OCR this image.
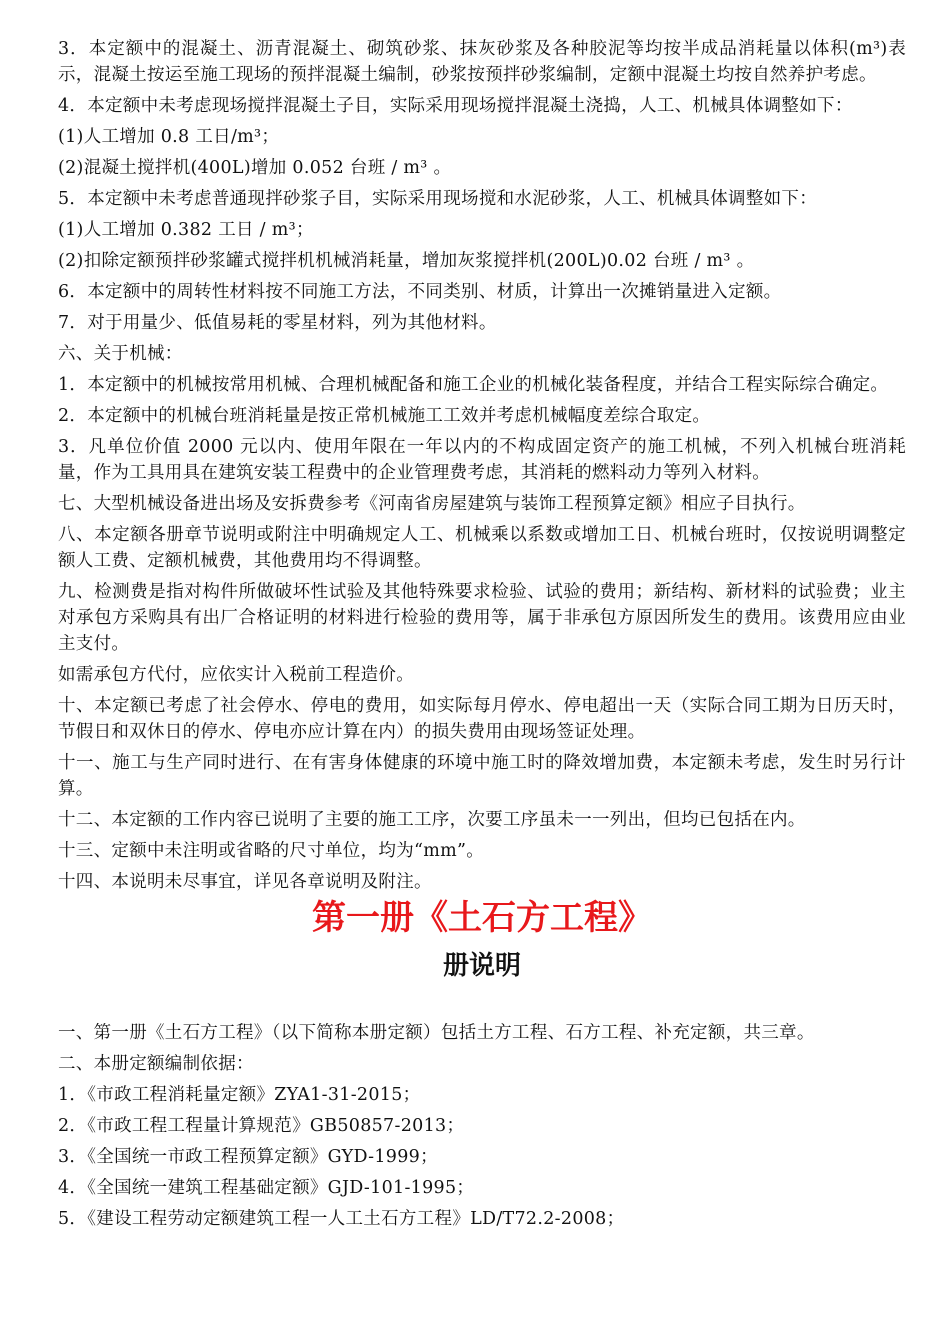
3．本定额中的混凝土、沥青混凝土、砌筑砂浆、抹灰砂浆及各种胶泥等均按半成品消耗量以体积(m³)表示，混凝土按运至施工现场的预拌混凝土编制，砂浆按预拌砂浆编制，定额中混凝土均按自然养护考虑。

4．本定额中未考虑现场搅拌混凝土子目，实际采用现场搅拌混凝土浇捣，人工、机械具体调整如下：

(1)人工增加 0.8 工日/m³；

(2)混凝土搅拌机(400L)增加 0.052 台班 / m³ 。

5．本定额中未考虑普通现拌砂浆子目，实际采用现场搅和水泥砂浆，人工、机械具体调整如下：

(1)人工增加 0.382 工日 / m³；

(2)扣除定额预拌砂浆罐式搅拌机机械消耗量，增加灰浆搅拌机(200L)0.02 台班 / m³ 。

6．本定额中的周转性材料按不同施工方法，不同类别、材质，计算出一次摊销量进入定额。

7．对于用量少、低值易耗的零星材料，列为其他材料。

六、关于机械：

1．本定额中的机械按常用机械、合理机械配备和施工企业的机械化装备程度，并结合工程实际综合确定。

2．本定额中的机械台班消耗量是按正常机械施工工效并考虑机械幅度差综合取定。

3．凡单位价值 2000 元以内、使用年限在一年以内的不构成固定资产的施工机械，不列入机械台班消耗量，作为工具用具在建筑安装工程费中的企业管理费考虑，其消耗的燃料动力等列入材料。

七、大型机械设备进出场及安拆费参考《河南省房屋建筑与装饰工程预算定额》相应子目执行。

八、本定额各册章节说明或附注中明确规定人工、机械乘以系数或增加工日、机械台班时，仅按说明调整定额人工费、定额机械费，其他费用均不得调整。

九、检测费是指对构件所做破坏性试验及其他特殊要求检验、试验的费用；新结构、新材料的试验费；业主对承包方采购具有出厂合格证明的材料进行检验的费用等，属于非承包方原因所发生的费用。该费用应由业主支付。

如需承包方代付，应依实计入税前工程造价。

十、本定额已考虑了社会停水、停电的费用，如实际每月停水、停电超出一天（实际合同工期为日历天时，节假日和双休日的停水、停电亦应计算在内）的损失费用由现场签证处理。

十一、施工与生产同时进行、在有害身体健康的环境中施工时的降效增加费，本定额未考虑，发生时另行计算。

十二、本定额的工作内容已说明了主要的施工工序，次要工序虽未一一列出，但均已包括在内。

十三、定额中未注明或省略的尺寸单位，均为“mm”。

十四、本说明未尽事宜，详见各章说明及附注。

第一册《土石方工程》
册说明

一、第一册《土石方工程》（以下简称本册定额）包括土方工程、石方工程、补充定额，共三章。

二、本册定额编制依据：

1．《市政工程消耗量定额》ZYA1-31-2015；

2．《市政工程工程量计算规范》GB50857-2013；

3．《全国统一市政工程预算定额》GYD-1999；

4．《全国统一建筑工程基础定额》GJD-101-1995；

5．《建设工程劳动定额建筑工程一人工土石方工程》LD/T72.2-2008；
